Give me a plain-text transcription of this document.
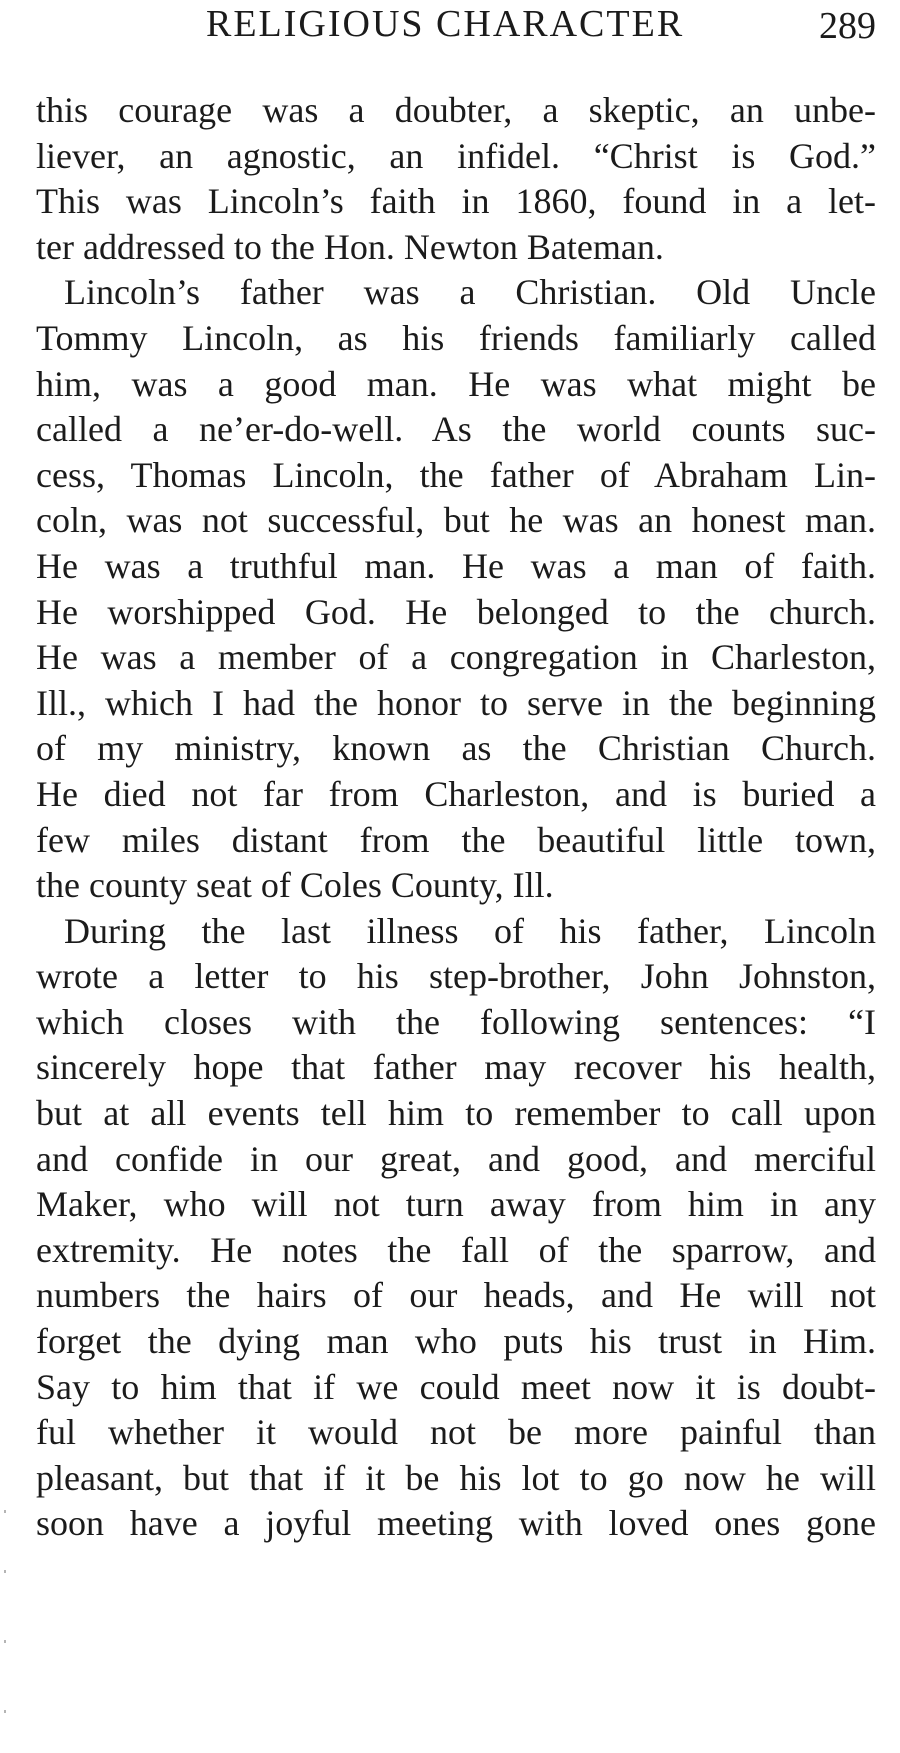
RELIGIOUS CHARACTER	289
this courage was a doubter, a skeptic, an unbe-
liever, an agnostic, an infidel. “Christ is God.”
This was Lincoln’s faith in 1860, found in a let-
ter addressed to the Hon. Newton Bateman.
Lincoln’s father was a Christian. Old Uncle
Tommy Lincoln, as his friends familiarly called
him, was a good man. He was what might be
called a ne’er-do-well. As the world counts suc-
cess, Thomas Lincoln, the father of Abraham Lin-
coln, was not successful, but he was an honest man.
He was a truthful man. He was a man of faith.
He worshipped God. He belonged to the church.
He was a member of a congregation in Charleston,
Ill., which I had the honor to serve in the beginning
of my ministry, known as the Christian Church.
He died not far from Charleston, and is buried a
few miles distant from the beautiful little town,
the county seat of Coles County, Ill.
During the last illness of his father, Lincoln
wrote a letter to his step-brother, John Johnston,
which closes with the following sentences: “I
sincerely hope that father may recover his health,
but at all events tell him to remember to call upon
and confide in our great, and good, and merciful
Maker, who will not turn away from him in any
extremity. He notes the fall of the sparrow, and
numbers the hairs of our heads, and He will not
forget the dying man who puts his trust in Him.
Say to him that if we could meet now it is doubt-
ful whether it would not be more painful than
pleasant, but that if it be his lot to go now he will
soon have a joyful meeting with loved ones gone
